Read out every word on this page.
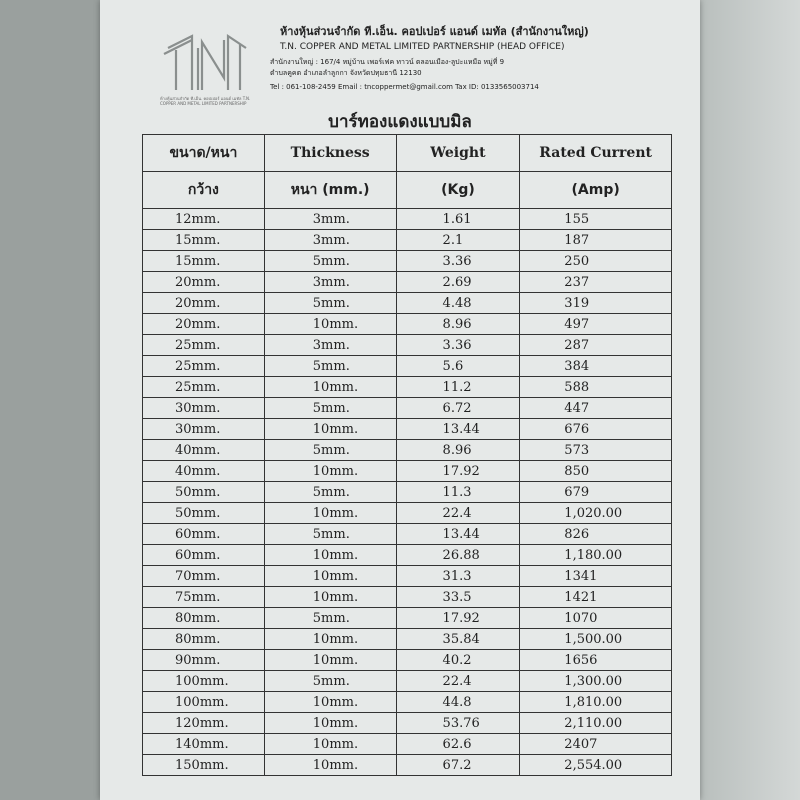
ห้างหุ้นส่วนจำกัด ที.เอ็น. คอปเปอร์ แอนด์ เมทัล T.N. COPPER AND METAL LIMITED PARTNERSHIP
ห้างหุ้นส่วนจำกัด ที.เอ็น. คอปเปอร์ แอนด์ เมทัล (สำนักงานใหญ่)
T.N. COPPER AND METAL LIMITED PARTNERSHIP (HEAD OFFICE)
สำนักงานใหญ่ : 167/4 หมู่บ้าน เพอร์เฟค ทาวน์ ตลอนเมือง-ลูปะแหมือ หมู่ที่ 9
ตำบลคูคต อำเภอลำลูกกา จังหวัดปทุมธานี 12130
Tel : 061-108-2459 Email : tncoppermet@gmail.com Tax ID: 0133565003714
บาร์ทองแดงแบบมิล
ขนาด/หนา	Thickness	Weight	Rated Current
กว้าง	หนา (mm.)	(Kg)	(Amp)
12mm.	3mm.	1.61	155
15mm.	3mm.	2.1	187
15mm.	5mm.	3.36	250
20mm.	3mm.	2.69	237
20mm.	5mm.	4.48	319
20mm.	10mm.	8.96	497
25mm.	3mm.	3.36	287
25mm.	5mm.	5.6	384
25mm.	10mm.	11.2	588
30mm.	5mm.	6.72	447
30mm.	10mm.	13.44	676
40mm.	5mm.	8.96	573
40mm.	10mm.	17.92	850
50mm.	5mm.	11.3	679
50mm.	10mm.	22.4	1,020.00
60mm.	5mm.	13.44	826
60mm.	10mm.	26.88	1,180.00
70mm.	10mm.	31.3	1341
75mm.	10mm.	33.5	1421
80mm.	5mm.	17.92	1070
80mm.	10mm.	35.84	1,500.00
90mm.	10mm.	40.2	1656
100mm.	5mm.	22.4	1,300.00
100mm.	10mm.	44.8	1,810.00
120mm.	10mm.	53.76	2,110.00
140mm.	10mm.	62.6	2407
150mm.	10mm.	67.2	2,554.00
